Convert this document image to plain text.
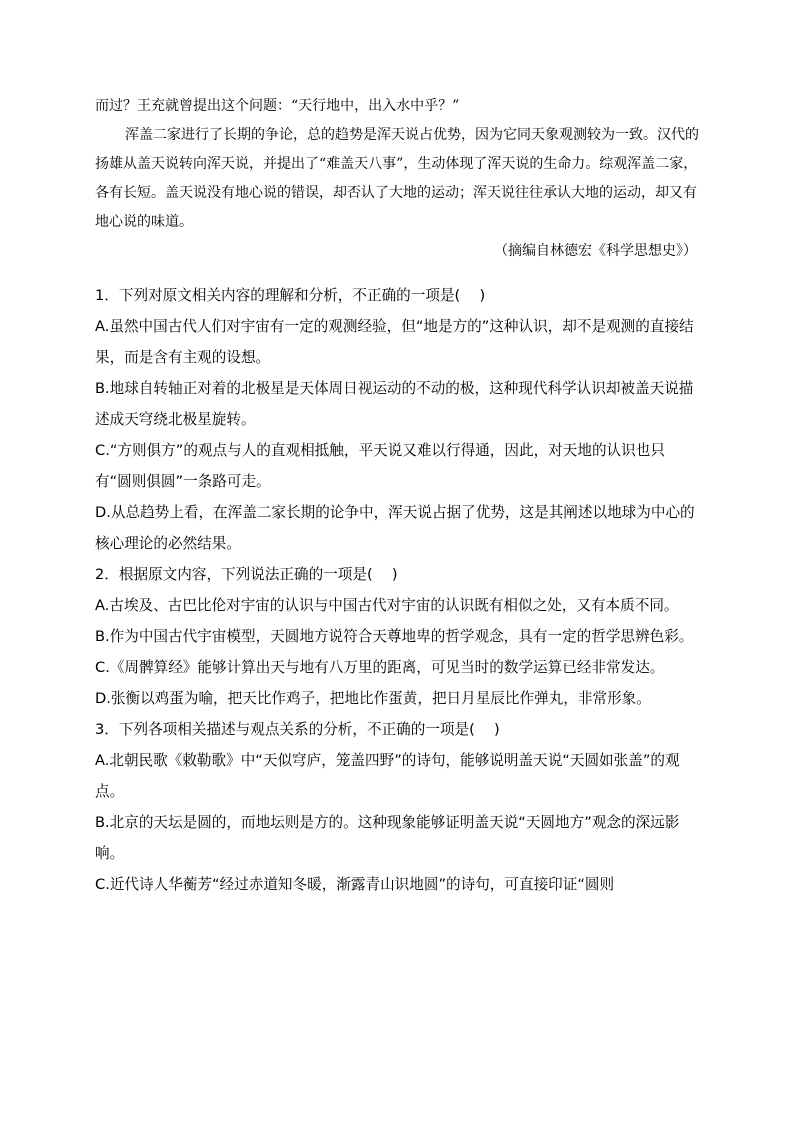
而过？王充就曾提出这个问题：“天行地中，出入水中乎？”

浑盖二家进行了长期的争论，总的趋势是浑天说占优势，因为它同天象观测较为一致。汉代的扬雄从盖天说转向浑天说，并提出了“难盖天八事”，生动体现了浑天说的生命力。综观浑盖二家，各有长短。盖天说没有地心说的错误，却否认了大地的运动；浑天说往往承认大地的运动，却又有地心说的味道。

（摘编自林德宏《科学思想史》）

1．下列对原文相关内容的理解和分析，不正确的一项是(　 )

A.虽然中国古代人们对宇宙有一定的观测经验，但“地是方的”这种认识，却不是观测的直接结果，而是含有主观的设想。

B.地球自转轴正对着的北极星是天体周日视运动的不动的极，这种现代科学认识却被盖天说描述成天穹绕北极星旋转。

C.“方则俱方”的观点与人的直观相抵触，平天说又难以行得通，因此，对天地的认识也只有“圆则俱圆”一条路可走。

D.从总趋势上看，在浑盖二家长期的论争中，浑天说占据了优势，这是其阐述以地球为中心的核心理论的必然结果。

2．根据原文内容，下列说法正确的一项是(　 )

A.古埃及、古巴比伦对宇宙的认识与中国古代对宇宙的认识既有相似之处，又有本质不同。

B.作为中国古代宇宙模型，天圆地方说符合天尊地卑的哲学观念，具有一定的哲学思辨色彩。

C.《周髀算经》能够计算出天与地有八万里的距离，可见当时的数学运算已经非常发达。

D.张衡以鸡蛋为喻，把天比作鸡子，把地比作蛋黄，把日月星辰比作弹丸，非常形象。

3．下列各项相关描述与观点关系的分析，不正确的一项是(　 )

A.北朝民歌《敕勒歌》中“天似穹庐，笼盖四野”的诗句，能够说明盖天说“天圆如张盖”的观点。

B.北京的天坛是圆的，而地坛则是方的。这种现象能够证明盖天说“天圆地方”观念的深远影响。

C.近代诗人华蘅芳“经过赤道知冬暖，渐露青山识地圆”的诗句，可直接印证“圆则
